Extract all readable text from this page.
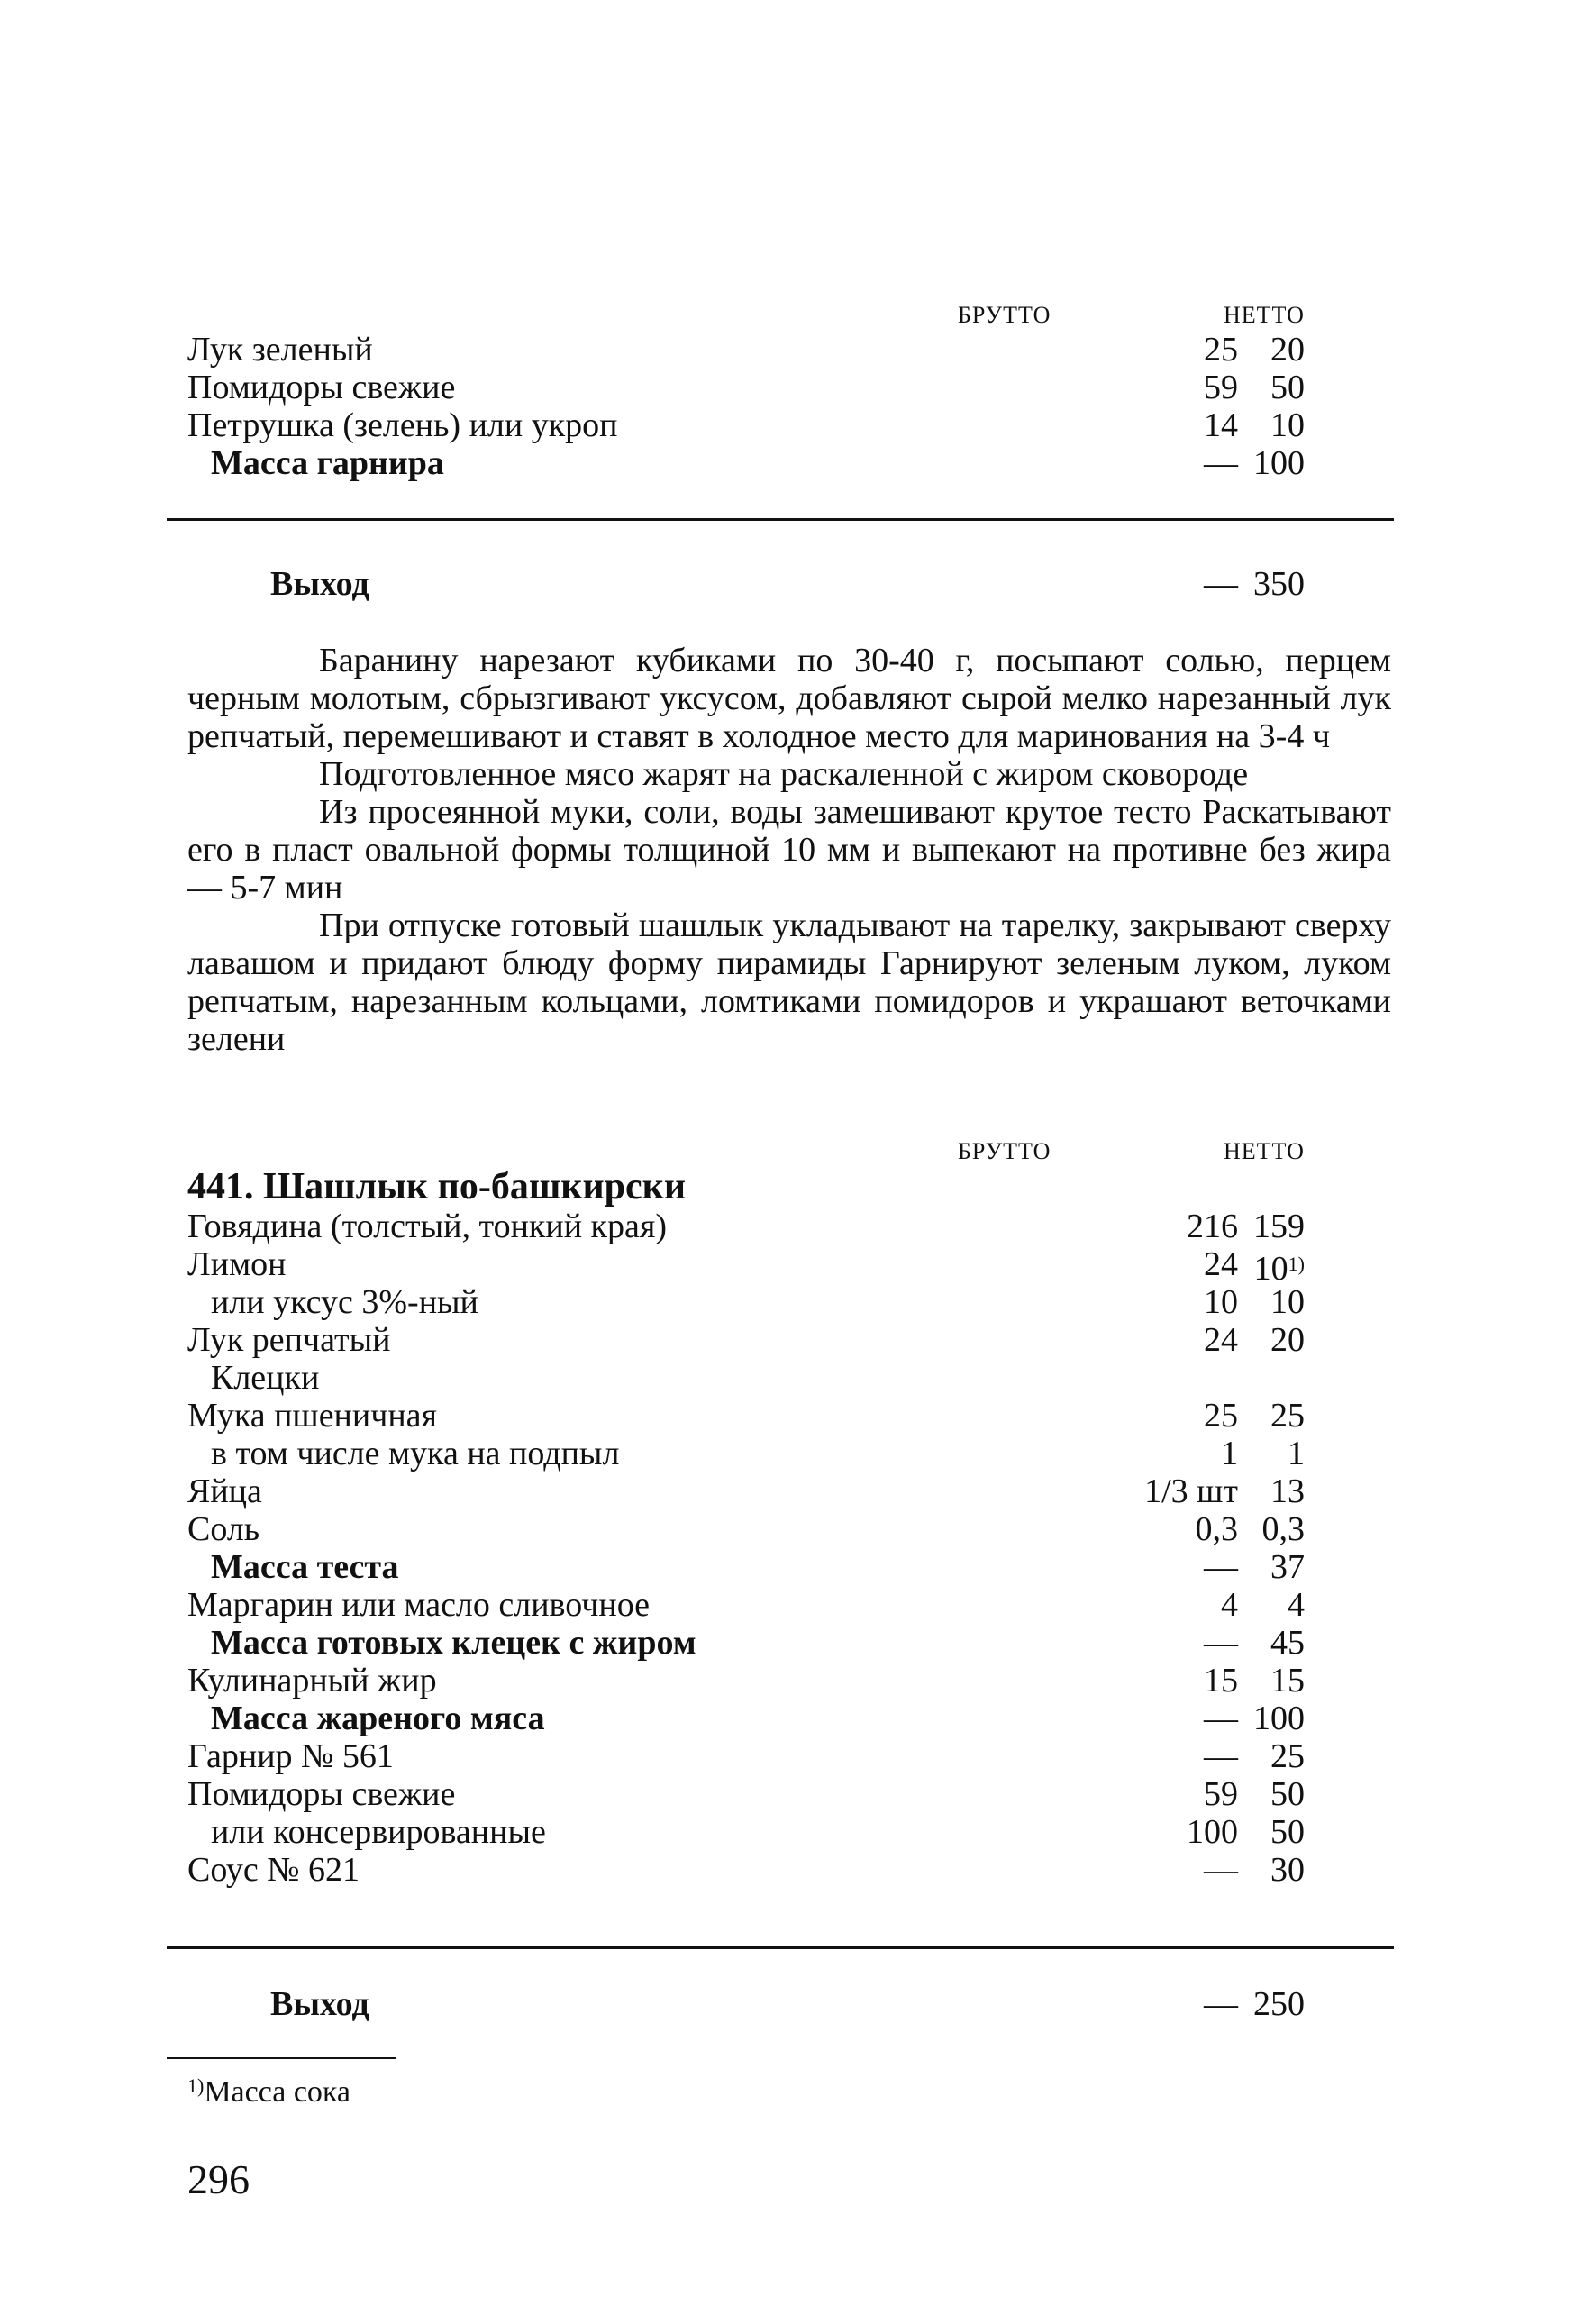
БРУТТО	НЕТТО
Лук зеленый	25 20
Помидоры свежие	59 50
Петрушка (зелень) или укроп	14 10
Масса гарнира	— 100
Выход	— 350

Баранину нарезают кубиками по 30-40 г, посыпают солью, перцем черным молотым, сбрызгивают уксусом, добавляют сырой мелко нарезанный лук репчатый, перемешивают и ставят в холодное место для маринования на 3-4 ч

Подготовленное мясо жарят на раскаленной с жиром сковороде

Из просеянной муки, соли, воды замешивают крутое тесто Раскатывают его в пласт овальной формы толщиной 10 мм и выпекают на противне без жира — 5-7 мин

При отпуске готовый шашлык укладывают на тарелку, закрывают сверху лавашом и придают блюду форму пирамиды Гарнируют зеленым луком, луком репчатым, нарезанным кольцами, ломтиками помидоров и украшают веточками зелени

БРУТТО	НЕТТО
441. Шашлык по-башкирски
Говядина (толстый, тонкий края)	216 159
Лимон	24 10$^{1)}$
или уксус 3%-ный	10 10
Лук репчатый	24 20
Клецки
Мука пшеничная	25 25
в том числе мука на подпыл	1	1
Яйца	1/3 шт 13
Соль	0,3 0,3
Масса теста	— 37
Маргарин или масло сливочное	4	4
Масса готовых клецек с жиром	— 45
Кулинарный жир	15 15
Масса жареного мяса	— 100
Гарнир № 561	— 25
Помидоры свежие	59 50
или консервированные	100 50
Соус № 621	— 30
Выход	— 250
$^{1)}$Масса сока
296
